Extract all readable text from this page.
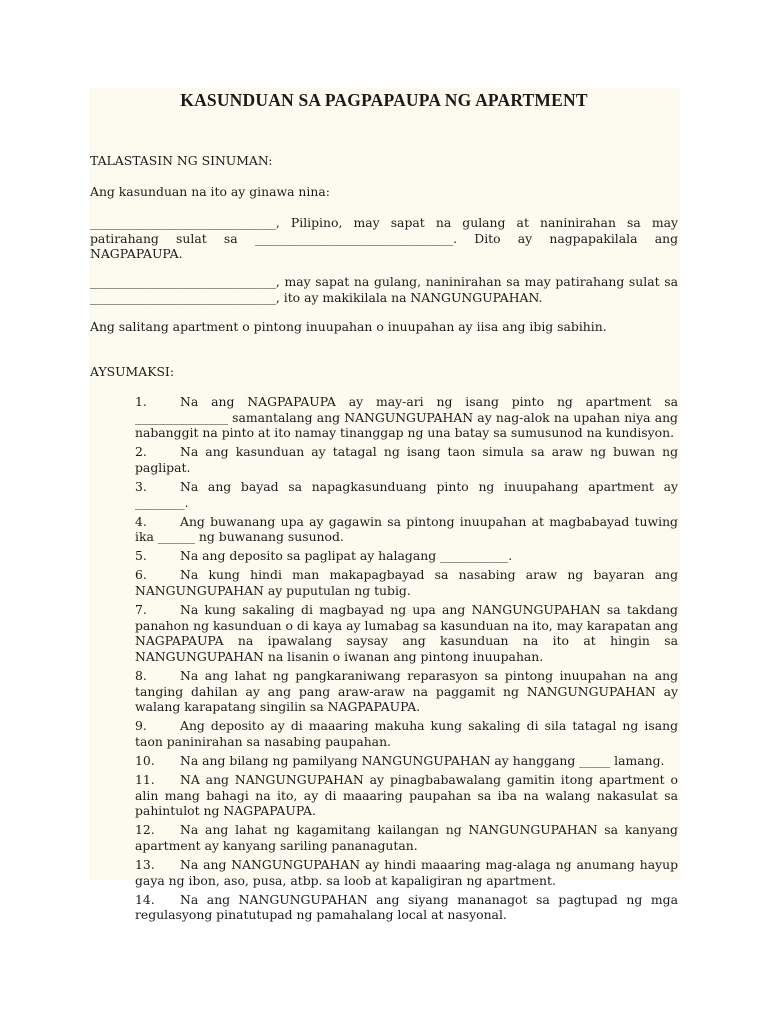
KASUNDUAN SA PAGPAPAUPA NG APARTMENT

TALASTASIN NG SINUMAN:

Ang kasunduan na ito ay ginawa nina:

______________________________, Pilipino, may sapat na gulang at naninirahan sa may patirahang sulat sa ________________________________. Dito ay nagpapakilala ang NAGPAPAUPA.

______________________________, may sapat na gulang, naninirahan sa may patirahang sulat sa ______________________________, ito ay makikilala na NANGUNGUPAHAN.

Ang salitang apartment o pintong inuupahan o inuupahan ay iisa ang ibig sabihin.

AYSUMAKSI:

1.	Na ang NAGPAPAUPA ay may-ari ng isang pinto ng apartment sa _______________ samantalang ang NANGUNGUPAHAN ay nag-alok na upahan niya ang nabanggit na pinto at ito namay tinanggap ng una batay sa sumusunod na kundisyon.
2.	Na ang kasunduan ay tatagal ng isang taon simula sa araw ng buwan ng paglipat.
3.	Na ang bayad sa napagkasunduang pinto ng inuupahang apartment ay ________.
4.	Ang buwanang upa ay gagawin sa pintong inuupahan at magbabayad tuwing ika ______ ng buwanang susunod.
5.	Na ang deposito sa paglipat ay halagang ___________.
6.	Na kung hindi man makapagbayad sa nasabing araw ng bayaran ang NANGUNGUPAHAN ay puputulan ng tubig.
7.	Na kung sakaling di magbayad ng upa ang NANGUNGUPAHAN sa takdang panahon ng kasunduan o di kaya ay lumabag sa kasunduan na ito, may karapatan ang NAGPAPAUPA na ipawalang saysay ang kasunduan na ito at hingin sa NANGUNGUPAHAN na lisanin o iwanan ang pintong inuupahan.
8.	Na ang lahat ng pangkaraniwang reparasyon sa pintong inuupahan na ang tanging dahilan ay ang pang araw-araw na paggamit ng NANGUNGUPAHAN ay walang karapatang singilin sa NAGPAPAUPA.
9.	Ang deposito ay di maaaring makuha kung sakaling di sila tatagal ng isang taon paninirahan sa nasabing paupahan.
10. Na ang bilang ng pamilyang NANGUNGUPAHAN ay hanggang _____ lamang.
11. NA ang NANGUNGUPAHAN ay pinagbabawalang gamitin itong apartment o alin mang bahagi na ito, ay di maaaring paupahan sa iba na walang nakasulat sa pahintulot ng NAGPAPAUPA.
12. Na ang lahat ng kagamitang kailangan ng NANGUNGUPAHAN sa kanyang apartment ay kanyang sariling pananagutan.
13. Na ang NANGUNGUPAHAN ay hindi maaaring mag-alaga ng anumang hayup gaya ng ibon, aso, pusa, atbp. sa loob at kapaligiran ng apartment.
14. Na ang NANGUNGUPAHAN ang siyang mananagot sa pagtupad ng mga regulasyong pinatutupad ng pamahalang local at nasyonal.
